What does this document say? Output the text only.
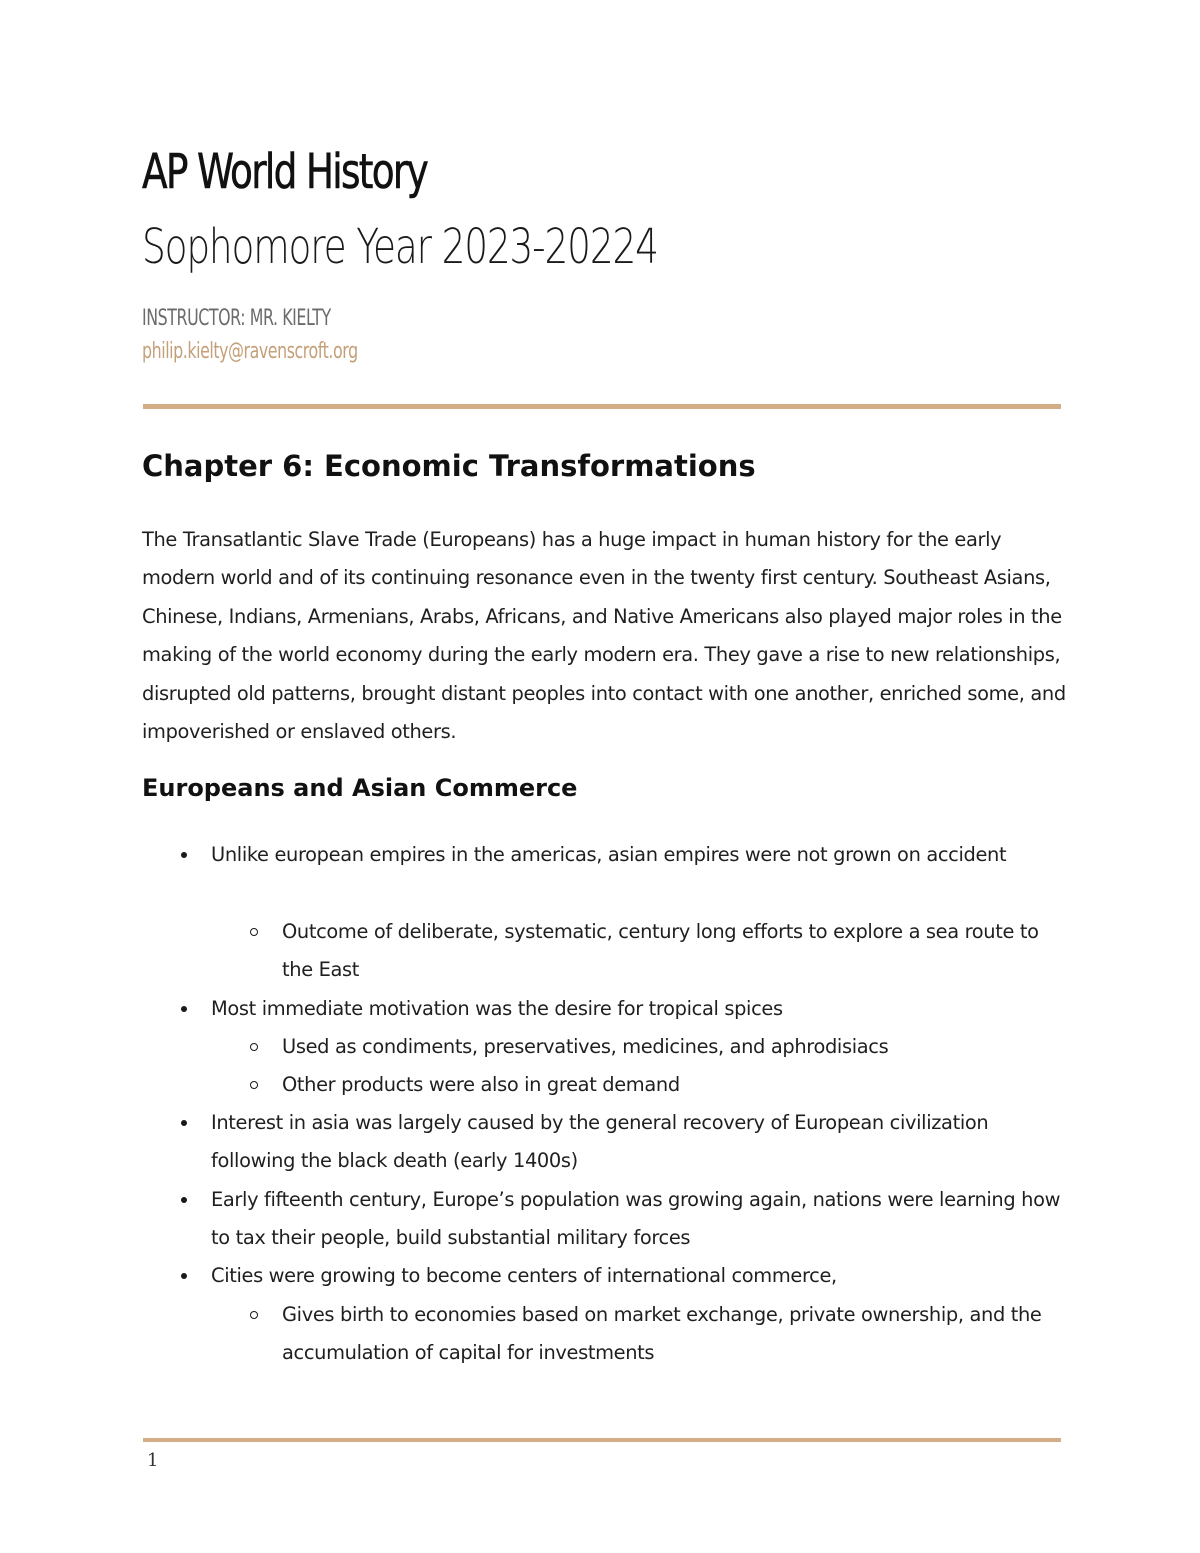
AP World History
Sophomore Year 2023-20224
INSTRUCTOR: MR. KIELTY
philip.kielty@ravenscroft.org
Chapter 6: Economic Transformations
The Transatlantic Slave Trade (Europeans) has a huge impact in human history for the early modern world and of its continuing resonance even in the twenty first century. Southeast Asians, Chinese, Indians, Armenians, Arabs, Africans, and Native Americans also played major roles in the making of the world economy during the early modern era. They gave a rise to new relationships, disrupted old patterns, brought distant peoples into contact with one another, enriched some, and impoverished or enslaved others.
Europeans and Asian Commerce
Unlike european empires in the americas, asian empires were not grown on accident
Outcome of deliberate, systematic, century long efforts to explore a sea route to the East
Most immediate motivation was the desire for tropical spices
Used as condiments, preservatives, medicines, and aphrodisiacs
Other products were also in great demand
Interest in asia was largely caused by the general recovery of European civilization following the black death (early 1400s)
Early fifteenth century, Europe’s population was growing again, nations were learning how to tax their people, build substantial military forces
Cities were growing to become centers of international commerce,
Gives birth to economies based on market exchange, private ownership, and the accumulation of capital for investments
1
